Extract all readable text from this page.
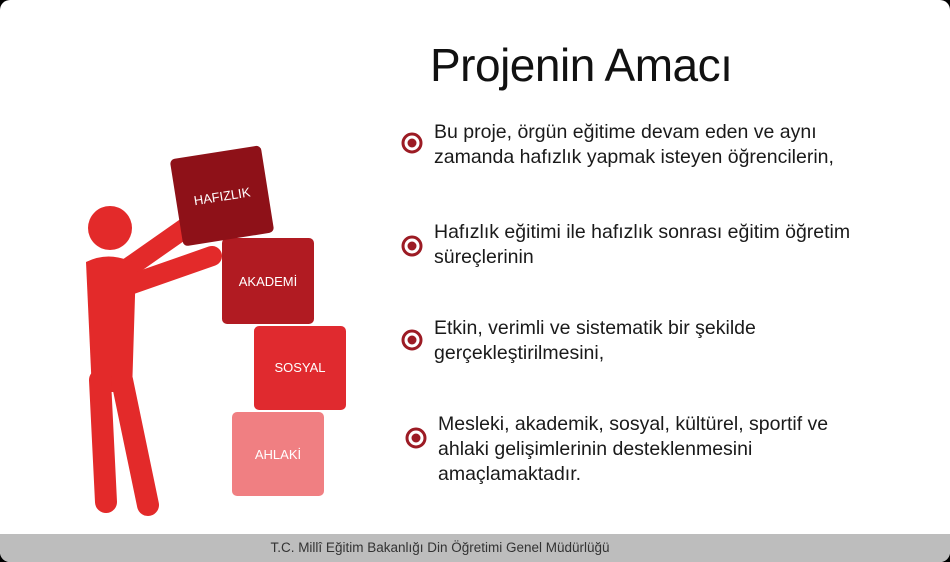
Projenin Amacı
AHLAKİ
SOSYAL
AKADEMİ
HAFIZLIK
Bu proje, örgün eğitime devam eden ve aynı zamanda hafızlık yapmak isteyen öğrencilerin,
Hafızlık eğitimi ile hafızlık sonrası eğitim öğretim süreçlerinin
Etkin, verimli ve sistematik bir şekilde gerçekleştirilmesini,
Mesleki, akademik, sosyal, kültürel, sportif ve ahlaki gelişimlerinin desteklenmesini amaçlamaktadır.
T.C. Millî Eğitim Bakanlığı Din Öğretimi Genel Müdürlüğü
